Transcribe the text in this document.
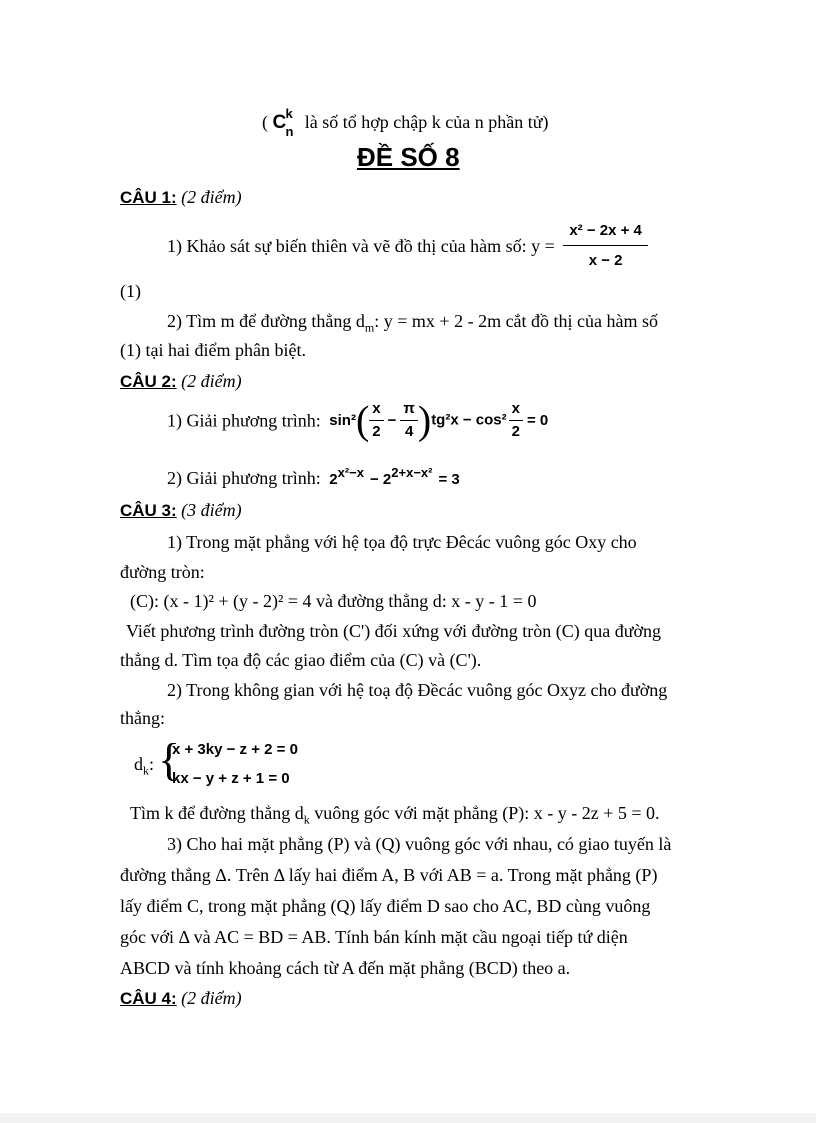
( C k
n là số tổ hợp chập k của n phần tử)
ĐỀ SỐ 8
CÂU 1: (2 điểm)
1) Khảo sát sự biến thiên và vẽ đồ thị của hàm số: $y = \frac{\text{x² − 2x + 4}}{x - 2}$
(1)
2) Tìm m để đường thẳng $d_m$: y = mx + 2 - 2m cắt đồ thị của hàm số
(1) tại hai điểm phân biệt.
CÂU 2: (2 điểm)
1) Giải phương trình: $\sin^2( \frac{x}{2} - \frac{\pi}{4} )tg^2x - \cos^2 \frac{x}{2} = 0$
2) Giải phương trình: $2^{x^2-x} - 2^{2+x-x^2} = 3$
CÂU 3: (3 điểm)
1) Trong mặt phẳng với hệ tọa độ trực Đêcác vuông góc Oxy cho
đường tròn:
(C): (x - 1)² + (y - 2)² = 4 và đường thẳng d: x - y - 1 = 0
Viết phương trình đường tròn (C') đối xứng với đường tròn (C) qua đường
thẳng d. Tìm tọa độ các giao điểm của (C) và (C').
2) Trong không gian với hệ toạ độ Đềcác vuông góc Oxyz cho đường
thẳng:
$d_k$: {
x + 3ky − z + 2 = 0
kx − y + z + 1 = 0
Tìm k để đường thẳng $d_k$ vuông góc với mặt phẳng (P): x - y - 2z + 5 = 0.
3) Cho hai mặt phẳng (P) và (Q) vuông góc với nhau, có giao tuyến là
đường thẳng Δ. Trên Δ lấy hai điểm A, B với AB = a. Trong mặt phẳng (P)
lấy điểm C, trong mặt phẳng (Q) lấy điểm D sao cho AC, BD cùng vuông
góc với Δ và AC = BD = AB. Tính bán kính mặt cầu ngoại tiếp tứ diện
ABCD và tính khoảng cách từ A đến mặt phẳng (BCD) theo a.
CÂU 4: (2 điểm)
